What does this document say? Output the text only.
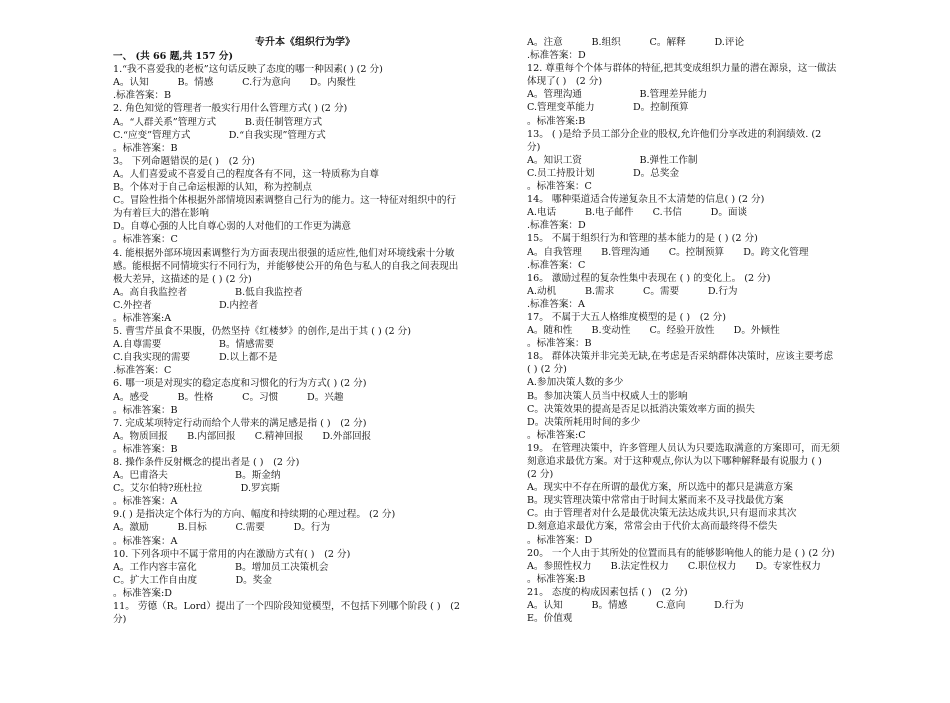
专升本《组织行为学》
一、 (共 66 题,共 157 分)
1.“我不喜爱我的老板”这句话反映了态度的哪一种因素( ) (2 分)
A。认知　　　B。情感　　　C.行为意向　　D。内聚性
.标准答案：B
2. 角色知觉的管理者一般实行用什么管理方式( ) (2 分)
A。“人群关系”管理方式　　　B.责任制管理方式
C.“应变”管理方式　　　　D.“自我实现”管理方式
。标准答案：B
3。 下列命题错误的是( )　(2 分)
A。人们喜爱或不喜爱自己的程度各有不同，这一特质称为自尊
B。个体对于自己命运根源的认知，称为控制点
C。冒险性指个体根据外部情境因素调整自己行为的能力。这一特征对组织中的行
为有着巨大的潜在影响
D。自尊心强的人比自尊心弱的人对他们的工作更为满意
。标准答案：C
4. 能根据外部环境因素调整行为方面表现出很强的适应性,他们对环境线索十分敏
感。能根据不同情境实行不同行为，并能够使公开的角色与私人的自我之间表现出
极大差异，这描述的是 ( ) (2 分)
A。高自我监控者　　　　　B.低自我监控者
C.外控者　　　　　　　D.内控者
。标准答案:A
5. 曹雪芹虽食不果腹，仍然坚持《红楼梦》的创作,是出于其 ( ) (2 分)
A.自尊需要　　　　　　B。情感需要
C.自我实现的需要　　　D.以上都不是
.标准答案：C
6. 哪一项是对现实的稳定态度和习惯化的行为方式( ) (2 分)
A。感受　　　B。性格　　　C。习惯　　　D。兴趣
。标准答案：B
7. 完成某项特定行动而给个人带来的满足感是指 ( )　(2 分)
A。物质回报　　B.内部回报　　C.精神回报　　D.外部回报
。标准答案：B
8. 操作条件反射概念的提出者是 ( )　(2 分)
A。巴甫洛夫　　　　　　　B。斯金纳
C。艾尔伯特?班杜拉　　　　D.罗宾斯
。标准答案：A
9.( ) 是指决定个体行为的方向、幅度和持续期的心理过程。 (2 分)
A。激励　　　B.目标　　　C.需要　　　D。行为
。标准答案：A
10. 下列各项中不属于常用的内在激励方式有( )　(2 分)
A。工作内容丰富化　　　　B。增加员工决策机会
C。扩大工作自由度　　　　D。奖金
。标准答案:D
11。 劳德（R。Lord）提出了一个四阶段知觉模型，不包括下列哪个阶段 ( )　(2
分)
A。注意　　　B.组织　　　C。解释　　　D.评论
.标准答案：D
12. 尊重每个个体与群体的特征,把其变成组织力量的潜在源泉，这一做法
体现了( )　(2 分)
A。管理沟通　　　　　　B.管理差异能力
C.管理变革能力　　　　D。控制预算
。标准答案:B
13。 ( )是给予员工部分企业的股权,允许他们分享改进的利润绩效. (2
分)
A。知识工资　　　　　　B.弹性工作制
C.员工持股计划　　　　D。总奖金
。标准答案：C
14。 哪种渠道适合传递复杂且不太清楚的信息( ) (2 分)
A.电话　　　B.电子邮件　　C.书信　　　D。面谈
.标准答案：D
15。 不属于组织行为和管理的基本能力的是 ( ) (2 分)
A。自我管理　　B.管理沟通　　C。控制预算　　D。跨文化管理
.标准答案：C
16。 激励过程的复杂性集中表现在 ( ) 的变化上。 (2 分)
A.动机　　　B.需求　　　C。需要　　　D.行为
.标准答案：A
17。 不属于大五人格维度模型的是 ( )　(2 分)
A。随和性　　B.变动性　　C。经验开放性　　D。外倾性
。标准答案：B
18。 群体决策并非完美无缺,在考虑是否采纳群体决策时，应该主要考虑
( ) (2 分)
A.参加决策人数的多少
B。参加决策人员当中权威人士的影响
C。决策效果的提高是否足以抵消决策效率方面的损失
D。决策所耗用时间的多少
。标准答案:C
19。 在管理决策中，许多管理人员认为只要选取满意的方案即可，而无须
刻意追求最优方案。对于这种观点,你认为以下哪种解释最有说服力 ( )
(2 分)
A。现实中不存在所谓的最优方案，所以选中的都只是满意方案
B。现实管理决策中常常由于时间太紧而来不及寻找最优方案
C。由于管理者对什么是最优决策无法达成共识,只有退而求其次
D.刻意追求最优方案，常常会由于代价太高而最终得不偿失
。标准答案：D
20。 一个人由于其所处的位置而具有的能够影响他人的能力是 ( ) (2 分)
A。参照性权力　　B.法定性权力　　C.职位权力　　D。专家性权力
。标准答案:B
21。 态度的构成因素包括 ( )　(2 分)
A。认知　　　B。情感　　　C.意向　　　D.行为
E。价值观
